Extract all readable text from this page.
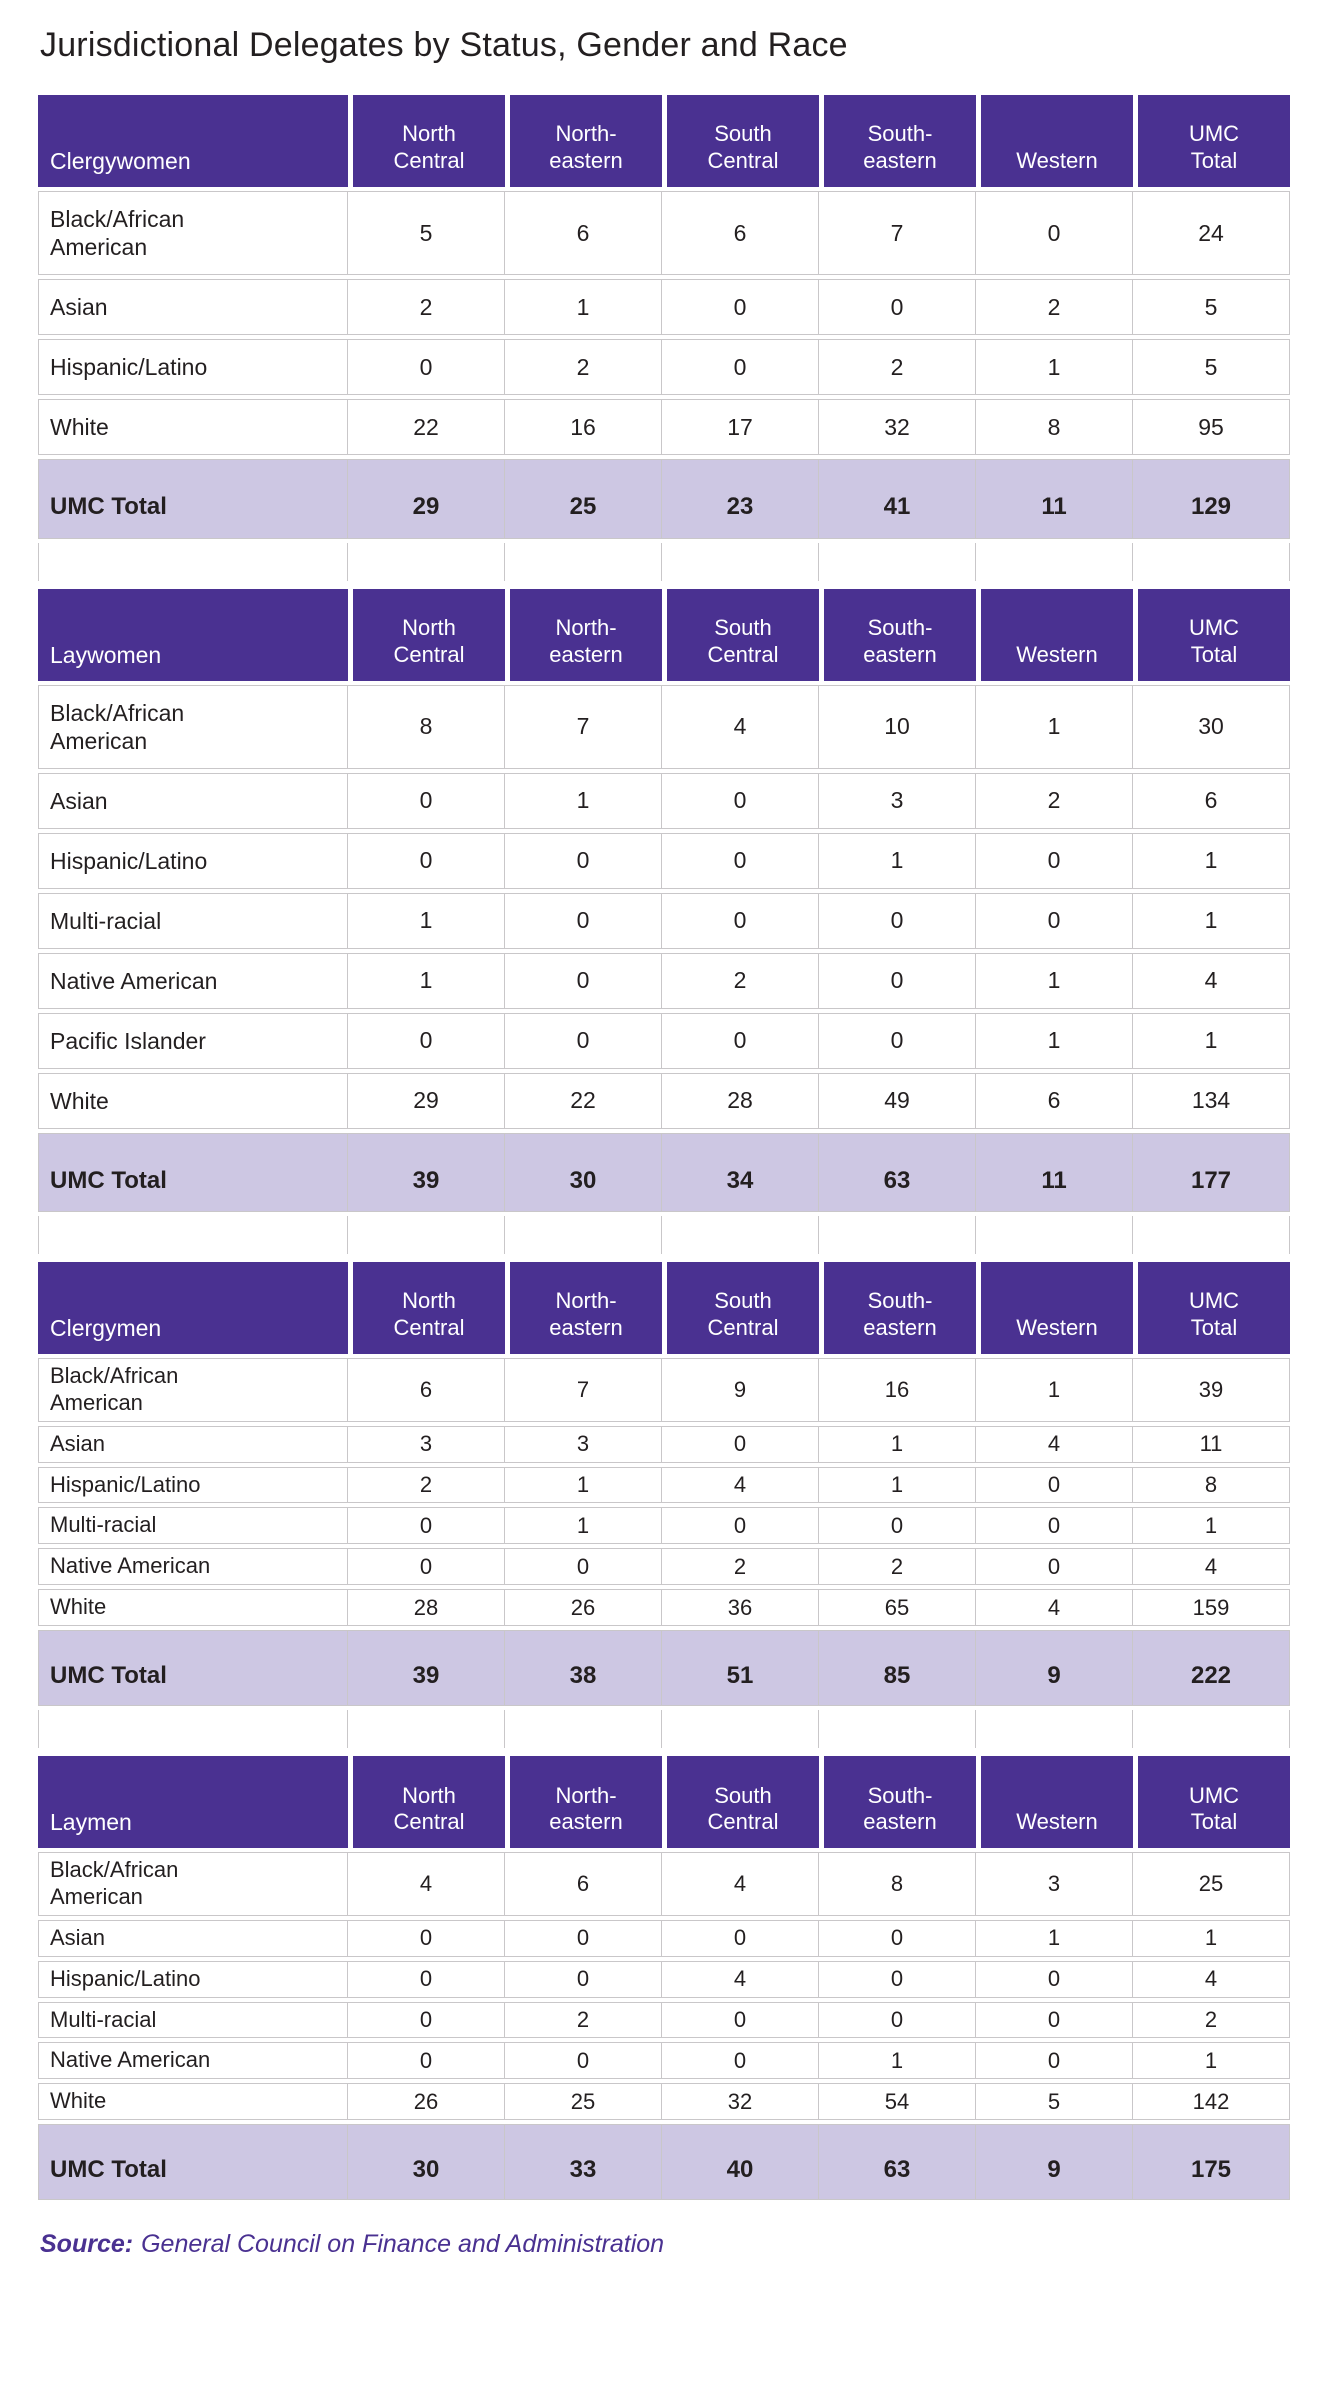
Jurisdictional Delegates by Status, Gender and Race
Clergywomen	North Central	North-eastern	South Central	South-eastern	Western	UMC Total

Black/African American	5	6	6	7	0	24

Asian	2	1	0	0	2	5

Hispanic/Latino	0	2	0	2	1	5

White	22	16	17	32	8	95
UMC Total	29	25	23	41	11	129

Laywomen	North Central	North-eastern	South Central	South-eastern	Western	UMC Total

Black/African American	8	7	4	10	1	30

Asian	0	1	0	3	2	6

Hispanic/Latino	0	0	0	1	0	1

Multi-racial	1	0	0	0	0	1

Native American	1	0	2	0	1	4

Pacific Islander	0	0	0	0	1	1

White	29	22	28	49	6	134
UMC Total	39	30	34	63	11	177

Clergymen	North Central	North-eastern	South Central	South-eastern	Western	UMC Total

Black/African American	6	7	9	16	1	39

Asian	3	3	0	1	4	11

Hispanic/Latino	2	1	4	1	0	8

Multi-racial	0	1	0	0	0	1

Native American	0	0	2	2	0	4

White	28	26	36	65	4	159
UMC Total	39	38	51	85	9	222

Laymen	North Central	North-eastern	South Central	South-eastern	Western	UMC Total

Black/African American	4	6	4	8	3	25

Asian	0	0	0	0	1	1

Hispanic/Latino	0	0	4	0	0	4

Multi-racial	0	2	0	0	0	2

Native American	0	0	0	1	0	1

White	26	25	32	54	5	142
UMC Total	30	33	40	63	9	175

Source: General Council on Finance and Administration
